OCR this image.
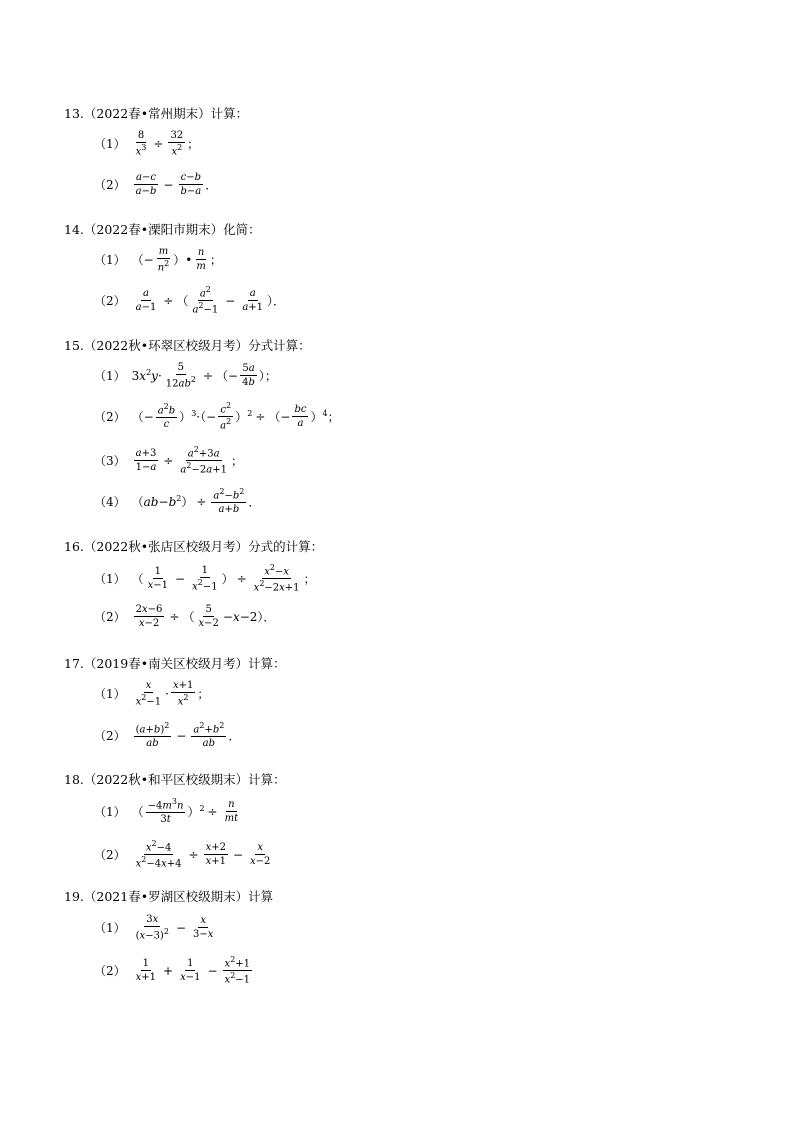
13.（2022春•常州期末）计算：
$(1) \frac{8}{x^3} \div \frac{32}{x^2}$ ；
$(2) \frac{a-c}{a-b} - \frac{c-b}{b-a}$ ．
14.（2022春•溧阳市期末）化简：
（1） （− $\frac{m}{n^2}$ ）• $\frac{n}{m}$ ；
$(2) \frac{a}{a-1}$ ÷ （ $\frac{a^2}{a^2-1} - \frac{a}{a+1}$ ）．
15.（2022秋•环翠区校级月考）分式计算：
（1） $3x^2y\cdot \frac{5}{12ab^2}$ ÷ （− $\frac{5a}{4b}$ ）；
（2） （− $\frac{a^2b}{c} )^3\cdot(- \frac{c^2}{a^2} )^2$ ÷ （− $\frac{bc}{a} )^4$；
$(3) \frac{a+3}{1-a} \div \frac{a^2+3a}{a^2-2a+1}$ ；
（4） $(ab-b^2) \div \frac{a^2-b^2}{a+b}$ ．
16.（2022秋•张店区校级月考）分式的计算：
（1） （ $\frac{1}{x-1} - \frac{1}{x^2-1}$ ） ÷ $\frac{x^2-x}{x^2-2x+1}$ ；
$(2) \frac{2x-6}{x-2}$ ÷ （ $\frac{5}{x-2} -x-2$）．
17.（2019春•南关区校级月考）计算：
$(1) \frac{x}{x^2-1} \cdot \frac{x+1}{x^2}$ ；
$(2) \frac{(a+b)^2}{ab} - \frac{a^2+b^2}{ab}$ ．
18.（2022秋•和平区校级期末）计算：
（1） （ $\frac{-4m^3n}{3t} )^2 \div \frac{n}{mt}$
$(2) \frac{x^2-4}{x^2-4x+4} \div \frac{x+2}{x+1} - \frac{x}{x-2}$
19.（2021春•罗湖区校级期末）计算
$(1) \frac{3x}{(x-3)^2} - \frac{x}{3-x}$
$(2) \frac{1}{x+1} + \frac{1}{x-1} - \frac{x^2+1}{x^2-1}$
